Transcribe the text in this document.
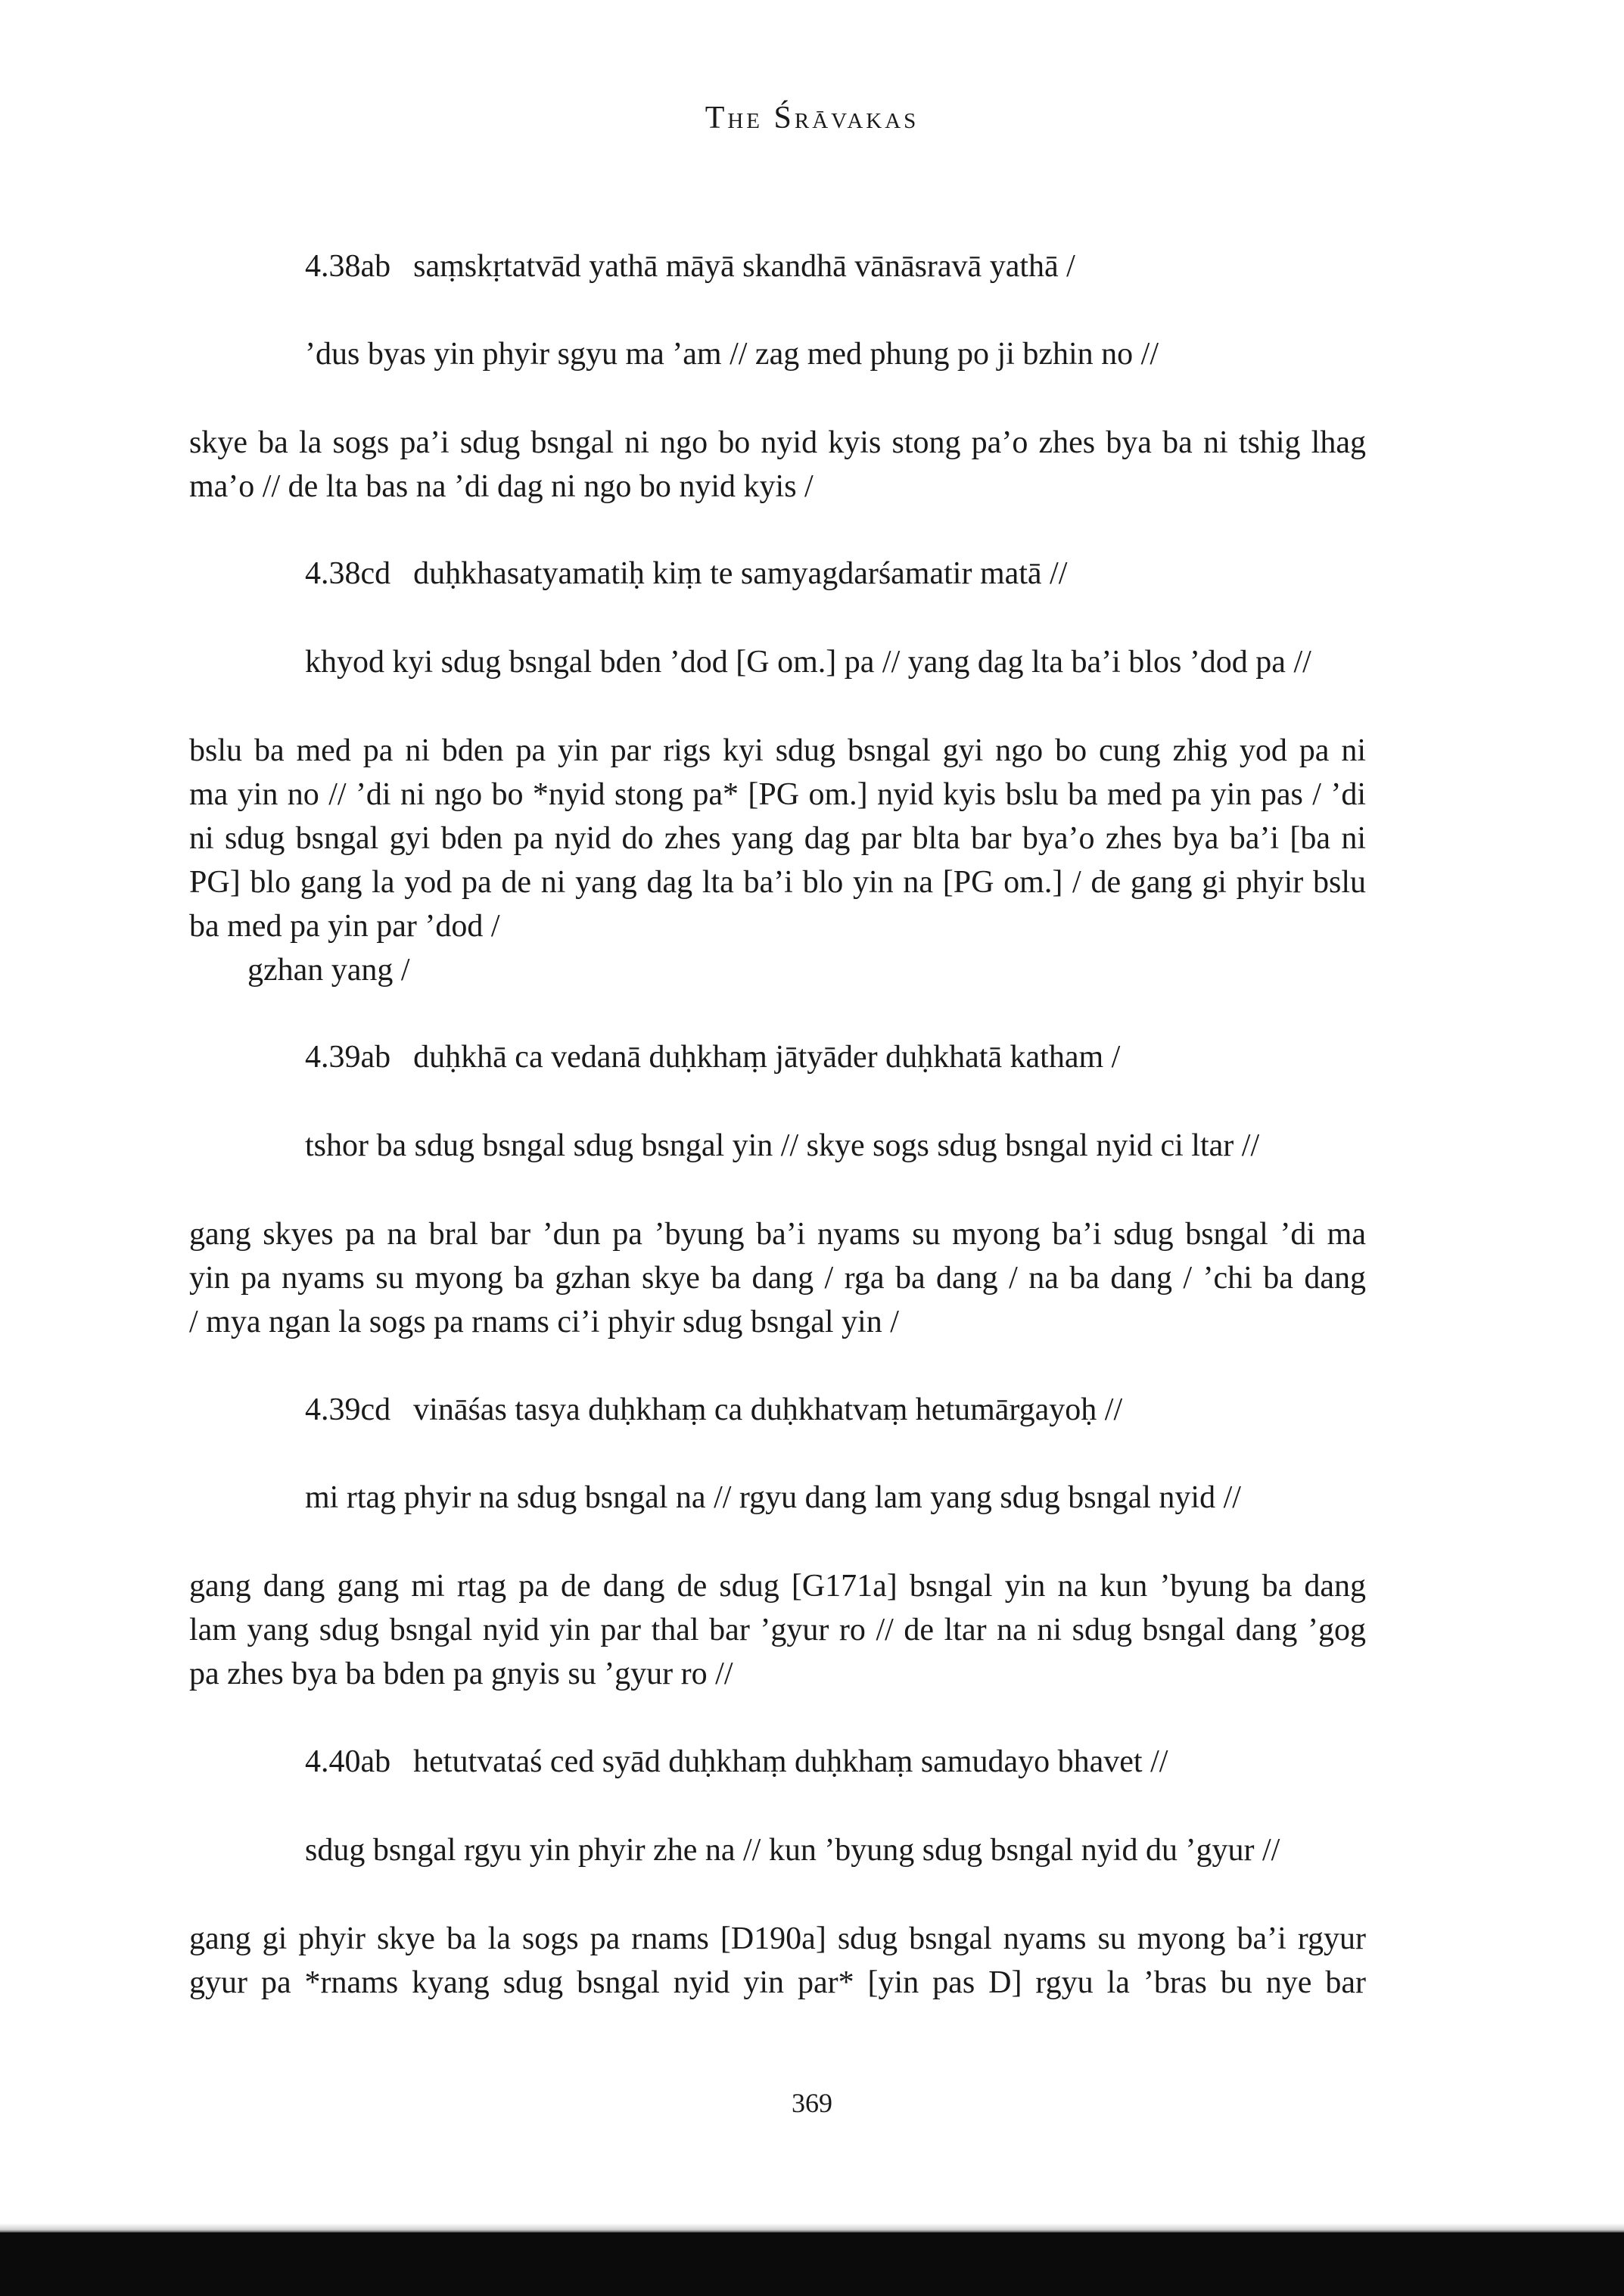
The Śrāvakas
4.38ab saṃskṛtatvād yathā māyā skandhā vānāsravā yathā /
’dus byas yin phyir sgyu ma ’am // zag med phung po ji bzhin no //
skye ba la sogs pa’i sdug bsngal ni ngo bo nyid kyis stong pa’o zhes bya ba ni tshig lhag
ma’o // de lta bas na ’di dag ni ngo bo nyid kyis /
4.38cd duḥkhasatyamatiḥ kiṃ te samyagdarśamatir matā //
khyod kyi sdug bsngal bden ’dod [G om.] pa // yang dag lta ba’i blos ’dod pa //
bslu ba med pa ni bden pa yin par rigs kyi sdug bsngal gyi ngo bo cung zhig yod pa ni
ma yin no // ’di ni ngo bo *nyid stong pa* [PG om.] nyid kyis bslu ba med pa yin pas / ’di
ni sdug bsngal gyi bden pa nyid do zhes yang dag par blta bar bya’o zhes bya ba’i [ba ni
PG] blo gang la yod pa de ni yang dag lta ba’i blo yin na [PG om.] / de gang gi phyir bslu
ba med pa yin par ’dod /
gzhan yang /
4.39ab duḥkhā ca vedanā duḥkhaṃ jātyāder duḥkhatā katham /
tshor ba sdug bsngal sdug bsngal yin // skye sogs sdug bsngal nyid ci ltar //
gang skyes pa na bral bar ’dun pa ’byung ba’i nyams su myong ba’i sdug bsngal ’di ma
yin pa nyams su myong ba gzhan skye ba dang / rga ba dang / na ba dang / ’chi ba dang
/ mya ngan la sogs pa rnams ci’i phyir sdug bsngal yin /
4.39cd vināśas tasya duḥkhaṃ ca duḥkhatvaṃ hetumārgayoḥ //
mi rtag phyir na sdug bsngal na // rgyu dang lam yang sdug bsngal nyid //
gang dang gang mi rtag pa de dang de sdug [G171a] bsngal yin na kun ’byung ba dang
lam yang sdug bsngal nyid yin par thal bar ’gyur ro // de ltar na ni sdug bsngal dang ’gog
pa zhes bya ba bden pa gnyis su ’gyur ro //
4.40ab hetutvataś ced syād duḥkhaṃ duḥkhaṃ samudayo bhavet //
sdug bsngal rgyu yin phyir zhe na // kun ’byung sdug bsngal nyid du ’gyur //
gang gi phyir skye ba la sogs pa rnams [D190a] sdug bsngal nyams su myong ba’i rgyur
gyur pa *rnams kyang sdug bsngal nyid yin par* [yin pas D] rgyu la ’bras bu nye bar
369
